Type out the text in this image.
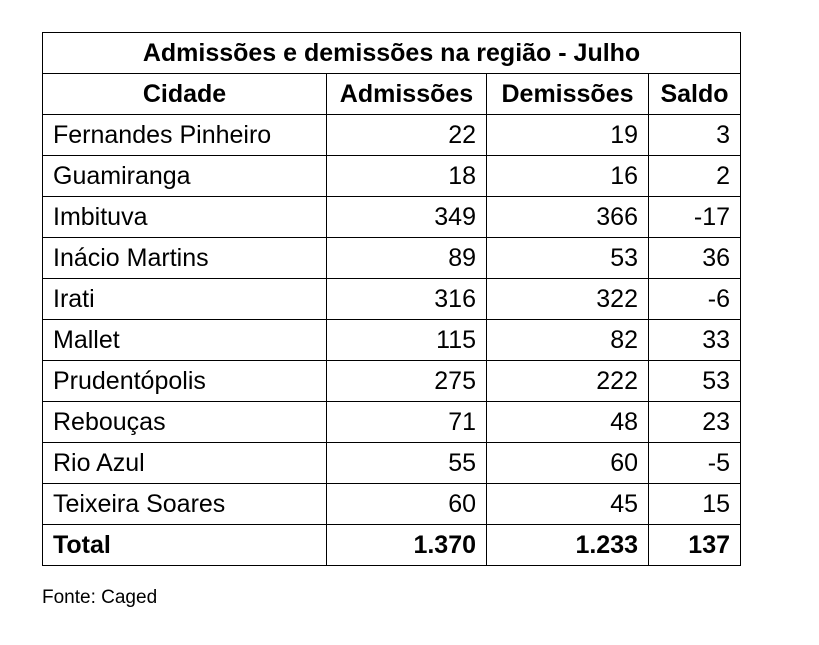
Admissões e demissões na região - Julho			
Cidade	Admissões	Demissões	Saldo
Fernandes Pinheiro	22	19	3
Guamiranga	18	16	2
Imbituva	349	366	-17
Inácio Martins	89	53	36
Irati	316	322	-6
Mallet	115	82	33
Prudentópolis	275	222	53
Rebouças	71	48	23
Rio Azul	55	60	-5
Teixeira Soares	60	45	15
Total	1.370	1.233	137
Fonte: Caged
